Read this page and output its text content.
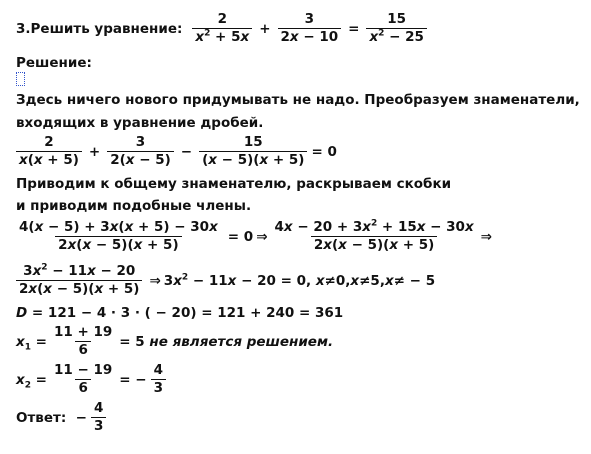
3.Решить уравнение: $\frac{2}{x^2 + 5x} + \frac{3}{2x - 10} = \frac{15}{x^2 - 25}$
Решение:
Здесь ничего нового придумывать не надо. Преобразуем знаменатели,
входящих в уравнение дробей.
$\frac{2}{x(x + 5)} + \frac{3}{2(x - 5)} - \frac{15}{(x - 5)(x + 5)} = 0$
Приводим к общему знаменателю, раскрываем скобки
и приводим подобные члены.
$\frac{4(x - 5) + 3x(x + 5) - 30x}{2x(x - 5)(x + 5)} = 0$ ⇒ $\frac{4x - 20 + 3x^2 + 15x - 30x}{2x(x - 5)(x + 5)}$ ⇒
$\frac{3x^2 - 11x - 20}{2x(x - 5)(x + 5)}$ ⇒ $3x^2 - 11x - 20 = 0$, x≠0,x≠5,x≠ − 5
D
= 121 − 4 · 3 · ( − 20) = 121 + 240 = 361
$x_1 = \frac{11 + 19}{6} = 5$
не является решением.
$x_2 = \frac{11 - 19}{6}$ = − $\frac{4}{3}$
Ответ:
− $\frac{4}{3}$
